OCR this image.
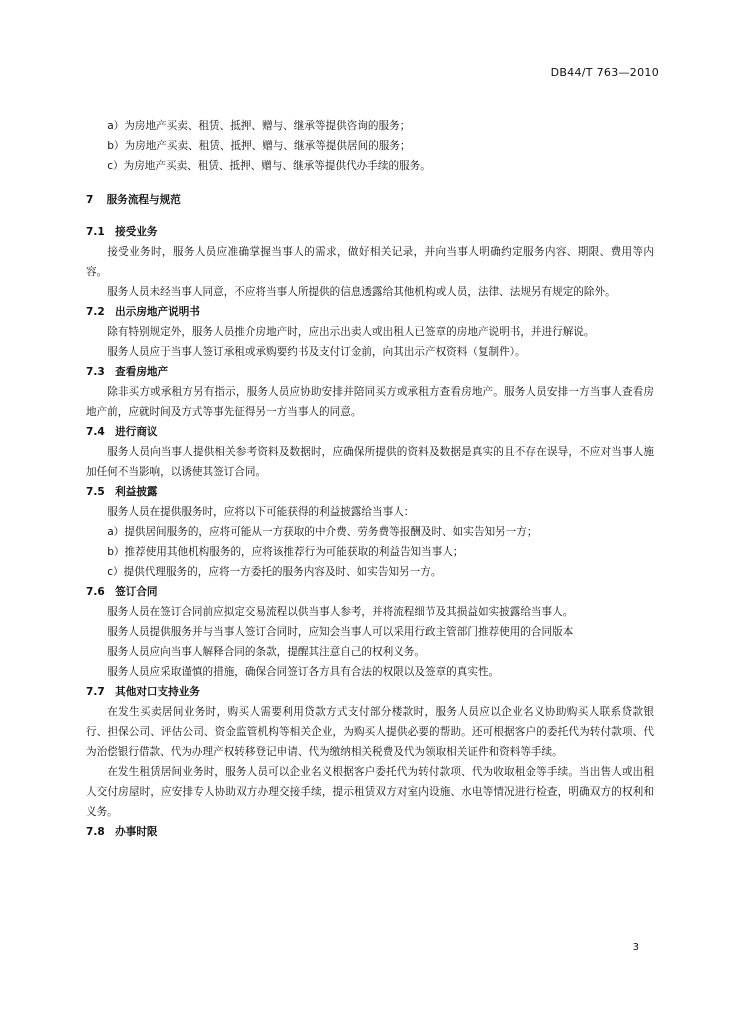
DB44/T 763—2010

a）为房地产买卖、租赁、抵押、赠与、继承等提供咨询的服务；

b）为房地产买卖、租赁、抵押、赠与、继承等提供居间的服务；

c）为房地产买卖、租赁、抵押、赠与、继承等提供代办手续的服务。

7 服务流程与规范
7.1 接受业务

接受业务时，服务人员应准确掌握当事人的需求，做好相关记录，并向当事人明确约定服务内容、期限、费用等内容。

服务人员未经当事人同意，不应将当事人所提供的信息透露给其他机构或人员，法律、法规另有规定的除外。

7.2 出示房地产说明书

除有特别规定外，服务人员推介房地产时，应出示出卖人或出租人已签章的房地产说明书，并进行解说。

服务人员应于当事人签订承租或承购要约书及支付订金前，向其出示产权资料（复制件）。

7.3 查看房地产

除非买方或承租方另有指示，服务人员应协助安排并陪同买方或承租方查看房地产。服务人员安排一方当事人查看房地产前，应就时间及方式等事先征得另一方当事人的同意。

7.4 进行商议

服务人员向当事人提供相关参考资料及数据时，应确保所提供的资料及数据是真实的且不存在误导，不应对当事人施加任何不当影响，以诱使其签订合同。

7.5 利益披露

服务人员在提供服务时，应将以下可能获得的利益披露给当事人：

a）提供居间服务的，应将可能从一方获取的中介费、劳务费等报酬及时、如实告知另一方；

b）推荐使用其他机构服务的，应将该推荐行为可能获取的利益告知当事人；

c）提供代理服务的，应将一方委托的服务内容及时、如实告知另一方。

7.6 签订合同

服务人员在签订合同前应拟定交易流程以供当事人参考，并将流程细节及其损益如实披露给当事人。

服务人员提供服务并与当事人签订合同时，应知会当事人可以采用行政主管部门推荐使用的合同版本

服务人员应向当事人解释合同的条款，提醒其注意自己的权利义务。

服务人员应采取谨慎的措施，确保合同签订各方具有合法的权限以及签章的真实性。

7.7 其他对口支持业务

在发生买卖居间业务时，购买人需要利用贷款方式支付部分楼款时，服务人员应以企业名义协助购买人联系贷款银行、担保公司、评估公司、资金监管机构等相关企业，为购买人提供必要的帮助。还可根据客户的委托代为转付款项、代为治偿银行借款、代为办理产权转移登记申请、代为缴纳相关税费及代为领取相关证件和资料等手续。

在发生租赁居间业务时，服务人员可以企业名义根据客户委托代为转付款项、代为收取租金等手续。当出售人或出租人交付房屋时，应安排专人协助双方办理交接手续，提示租赁双方对室内设施、水电等情况进行检查，明确双方的权利和义务。

7.8 办事时限
3
